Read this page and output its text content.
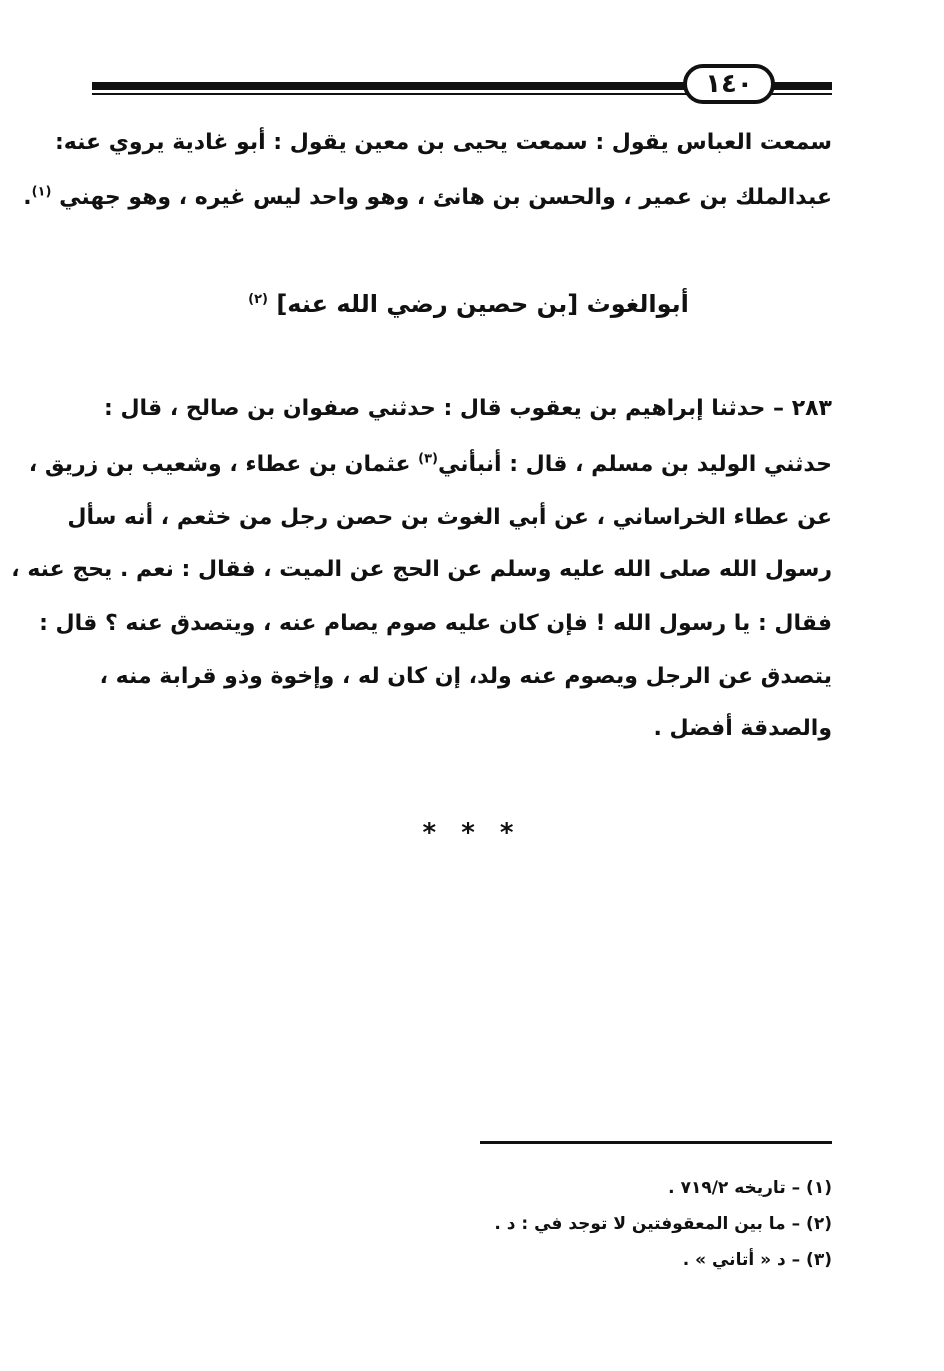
١٤٠
سمعت العباس يقول : سمعت يحيى بن معين يقول : أبو غادية يروي عنه:
عبدالملك بن عمير ، والحسن بن هانئ ، وهو واحد ليس غيره ، وهو جهني $^{(١)}$.
أبوالغوث [بن حصين رضي الله عنه] $^{(٢)}$
٢٨٣ – حدثنا إبراهيم بن يعقوب قال : حدثني صفوان بن صالح ، قال :
حدثني الوليد بن مسلم ، قال : أنبأني$^{(٣)}$ عثمان بن عطاء ، وشعيب بن زريق ،
عن عطاء الخراساني ، عن أبي الغوث بن حصن رجل من خثعم ، أنه سأل
رسول الله صلى الله عليه وسلم عن الحج عن الميت ، فقال : نعم . يحج عنه ،
فقال : يا رسول الله ! فإن كان عليه صوم يصام عنه ، ويتصدق عنه ؟ قال :
يتصدق عن الرجل ويصوم عنه ولد، إن كان له ، وإخوة وذو قرابة منه ،
والصدقة أفضل .
* * *
(١) – تاريخه ٧١٩/٢ .
(٢) – ما بين المعقوفتين لا توجد في : د .
(٣) – د « أتاني » .
